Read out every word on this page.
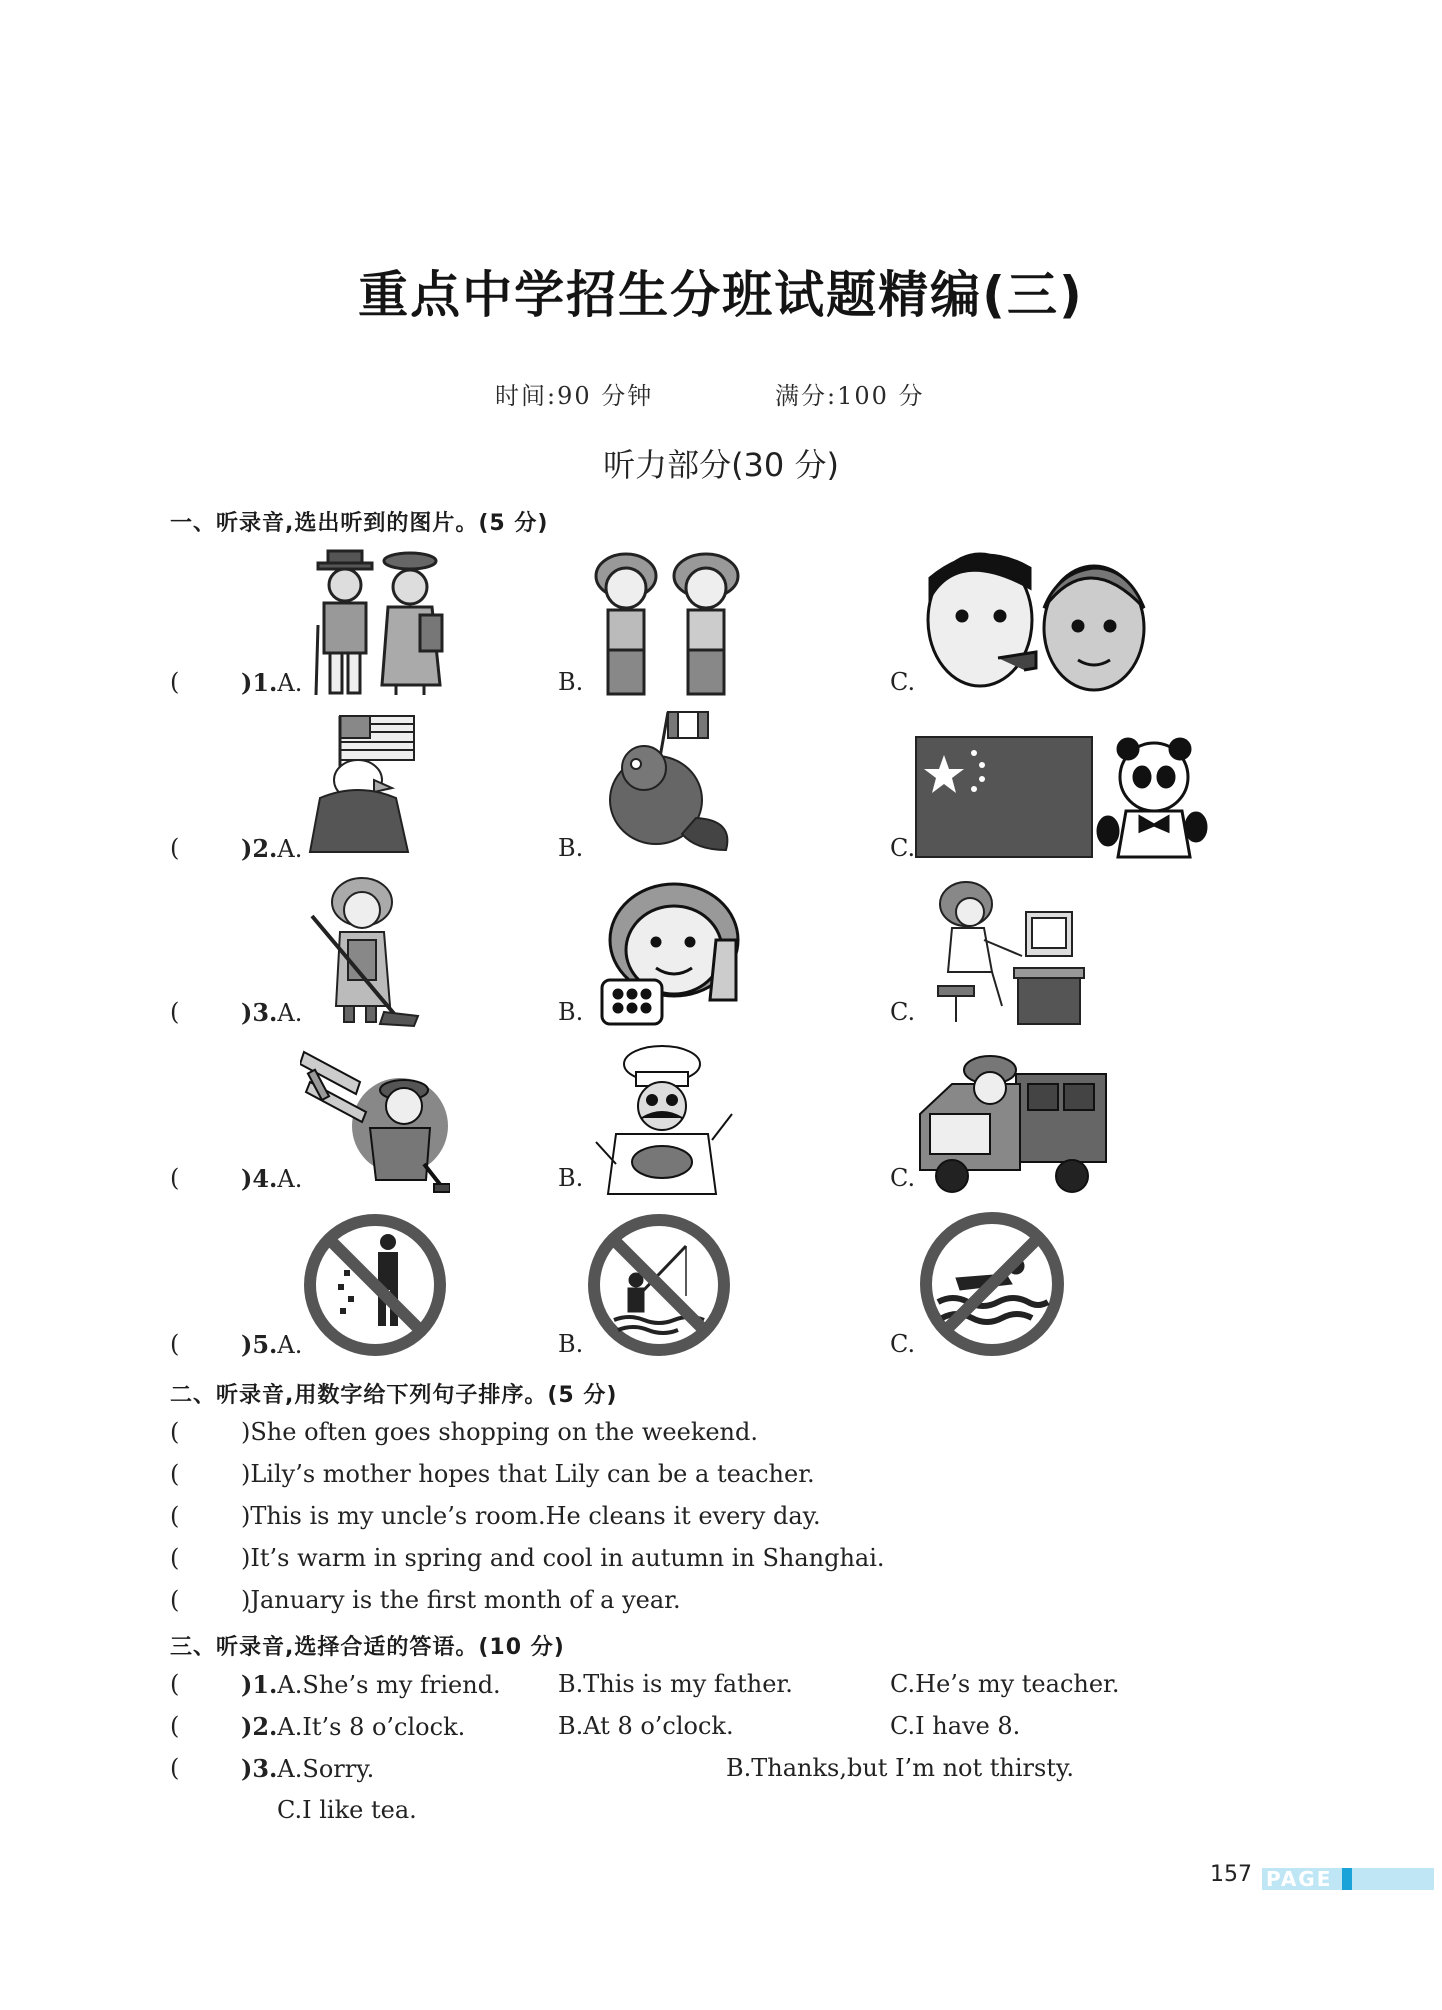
重点中学招生分班试题精编(三)
时间:90 分钟	满分:100 分
听力部分(30 分)
一、听录音,选出听到的图片。(5 分)
(	)1.A.	B.	C.
(	)2.A.	B.	C.
(	)3.A.	B.	C.
(	)4.A.	B.	C.
(	)5.A.	B.	C.
二、听录音,用数字给下列句子排序。(5 分)
(	)She often goes shopping on the weekend.
(	)Lily’s mother hopes that Lily can be a teacher.
(	)This is my uncle’s room.He cleans it every day.
(	)It’s warm in spring and cool in autumn in Shanghai.
(	)January is the first month of a year.
三、听录音,选择合适的答语。(10 分)
(	)1.A.She’s my friend. B.This is my father.	C.He’s my teacher.
(	)2.A.It’s 8 o’clock.	B.At 8 o’clock.	C.I have 8.
(	)3.A.Sorry.	B.Thanks,but I’m not thirsty.
C.I like tea.
157 PAGE
